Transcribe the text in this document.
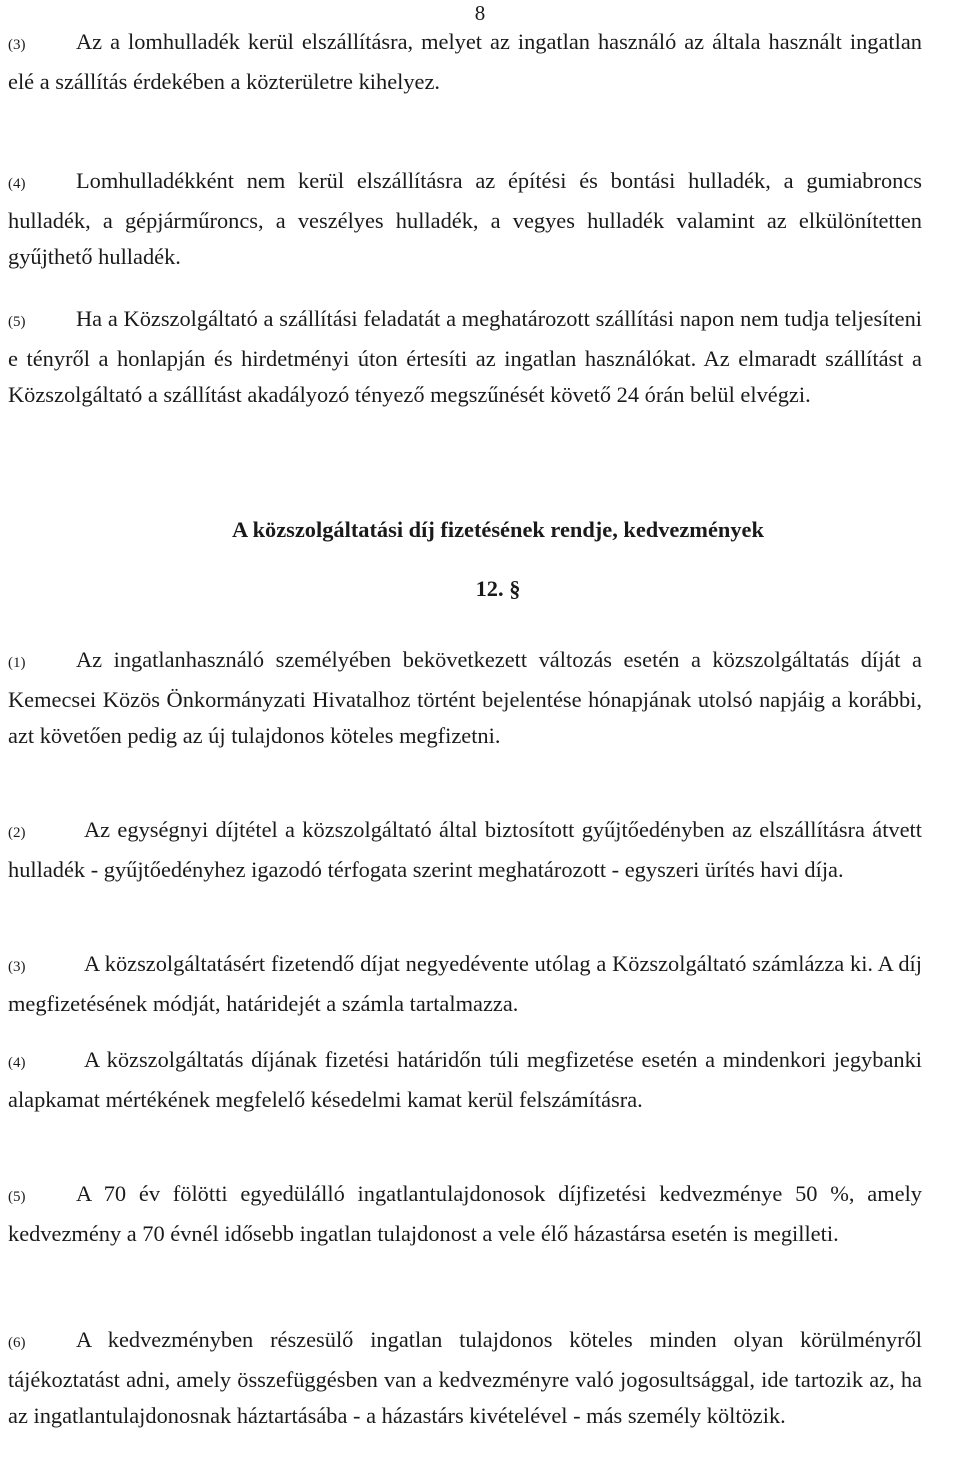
8

(3) Az a lomhulladék kerül elszállításra, melyet az ingatlan használó az általa használt ingatlan elé a szállítás érdekében a közterületre kihelyez.

(4) Lomhulladékként nem kerül elszállításra az építési és bontási hulladék, a gumiabroncs hulladék, a gépjárműroncs, a veszélyes hulladék, a vegyes hulladék valamint az elkülönítetten gyűjthető hulladék.

(5) Ha a Közszolgáltató a szállítási feladatát a meghatározott szállítási napon nem tudja teljesíteni e tényről a honlapján és hirdetményi úton értesíti az ingatlan használókat. Az elmaradt szállítást a Közszolgáltató a szállítást akadályozó tényező megszűnését követő 24 órán belül elvégzi.

A közszolgáltatási díj fizetésének rendje, kedvezmények
12. §

(1) Az ingatlanhasználó személyében bekövetkezett változás esetén a közszolgáltatás díját a Kemecsei Közös Önkormányzati Hivatalhoz történt bejelentése hónapjának utolsó napjáig a korábbi, azt követően pedig az új tulajdonos köteles megfizetni.

(2)	Az egységnyi díjtétel a közszolgáltató által biztosított gyűjtőedényben az elszállításra átvett hulladék - gyűjtőedényhez igazodó térfogata szerint meghatározott - egyszeri ürítés havi díja.

(3)	A közszolgáltatásért fizetendő díjat negyedévente utólag a Közszolgáltató számlázza ki. A díj megfizetésének módját, határidejét a számla tartalmazza.

(4)	A közszolgáltatás díjának fizetési határidőn túli megfizetése esetén a mindenkori jegybanki alapkamat mértékének megfelelő késedelmi kamat kerül felszámításra.

(5) A 70 év fölötti egyedülálló ingatlantulajdonosok díjfizetési kedvezménye 50 %, amely kedvezmény a 70 évnél idősebb ingatlan tulajdonost a vele élő házastársa esetén is megilleti.

(6) A kedvezményben részesülő ingatlan tulajdonos köteles minden olyan körülményről tájékoztatást adni, amely összefüggésben van a kedvezményre való jogosultsággal, ide tartozik az, ha az ingatlantulajdonosnak háztartásába - a házastárs kivételével - más személy költözik.
